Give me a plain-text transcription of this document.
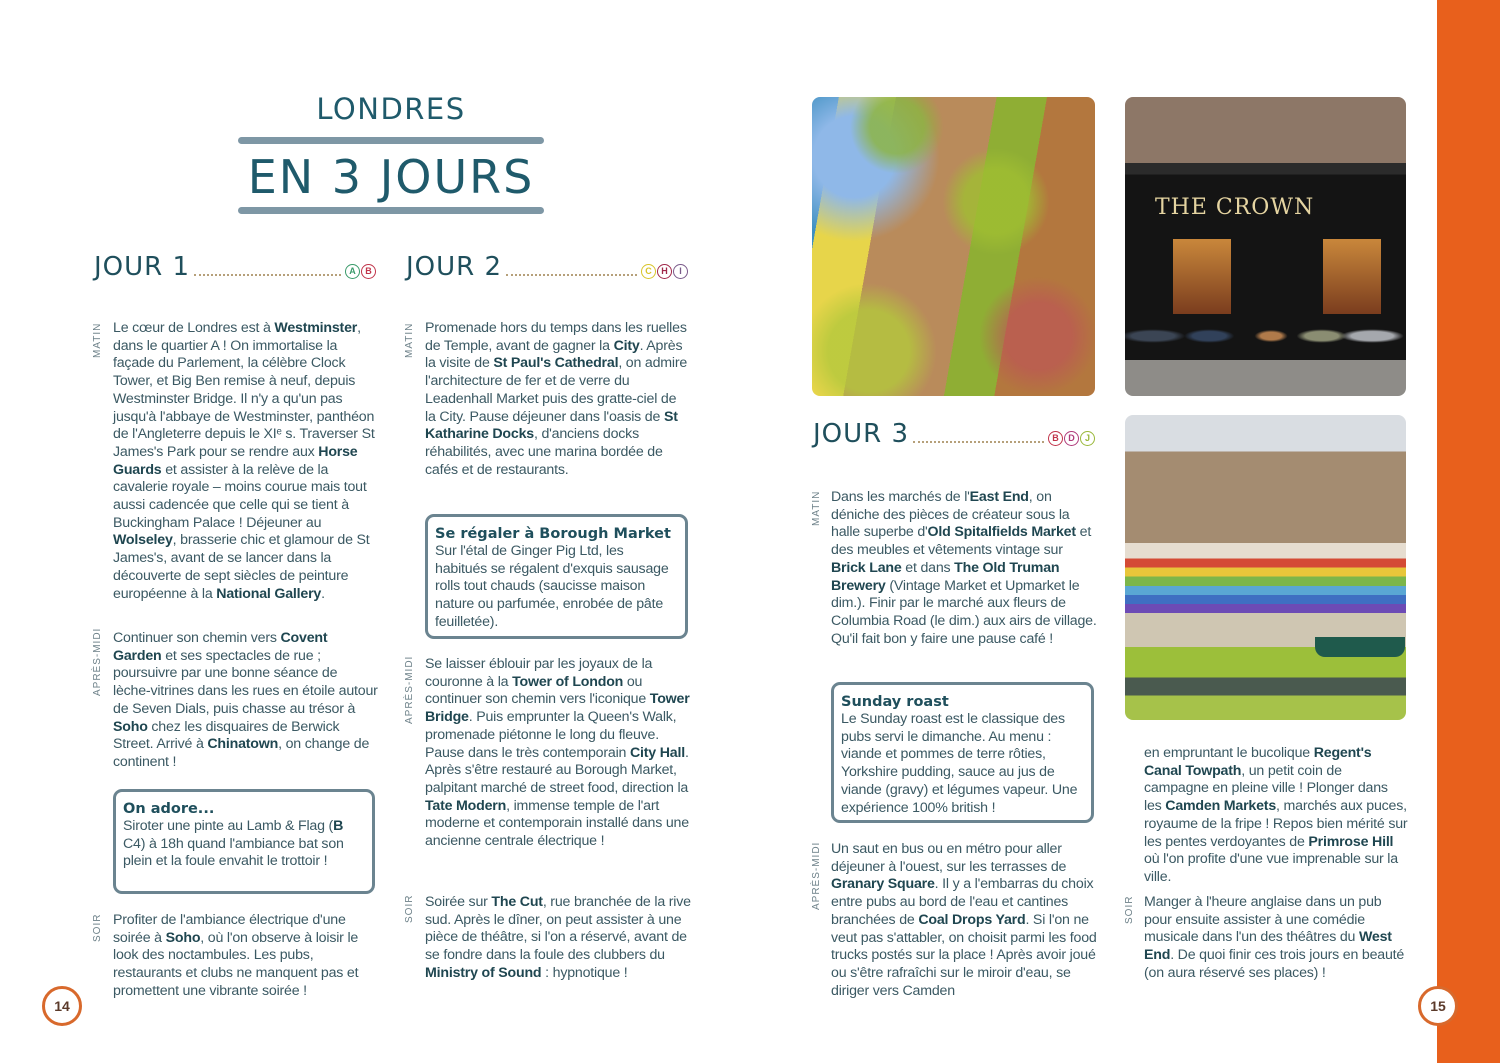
LONDRES
EN 3 JOURS
JOUR 1	A	B
MATIN Le cœur de Londres est à Westminster, dans le quartier A ! On immortalise la façade du Parlement, la célèbre Clock Tower, et Big Ben remise à neuf, depuis Westminster Bridge. Il n'y a qu'un pas jusqu'à l'abbaye de Westminster, panthéon de l'Angleterre depuis le XIᵉ s. Traverser St James's Park pour se rendre aux Horse Guards et assister à la relève de la cavalerie royale – moins courue mais tout aussi cadencée que celle qui se tient à Buckingham Palace ! Déjeuner au Wolseley, brasserie chic et glamour de St James's, avant de se lancer dans la découverte de sept siècles de peinture européenne à la National Gallery.
APRÈS-MIDI Continuer son chemin vers Covent Garden et ses spectacles de rue ; poursuivre par une bonne séance de lèche-vitrines dans les rues en étoile autour de Seven Dials, puis chasse au trésor à Soho chez les disquaires de Berwick Street. Arrivé à Chinatown, on change de continent !
On adore...
Siroter une pinte au Lamb & Flag (B C4) à 18h quand l'ambiance bat son plein et la foule envahit le trottoir !
SOIR Profiter de l'ambiance électrique d'une soirée à Soho, où l'on observe à loisir le look des noctambules. Les pubs, restaurants et clubs ne manquent pas et promettent une vibrante soirée !
JOUR 2	C	H	I
MATIN Promenade hors du temps dans les ruelles de Temple, avant de gagner la City. Après la visite de St Paul's Cathedral, on admire l'architecture de fer et de verre du Leadenhall Market puis des gratte-ciel de la City. Pause déjeuner dans l'oasis de St Katharine Docks, d'anciens docks réhabilités, avec une marina bordée de cafés et de restaurants.
Se régaler à Borough Market
Sur l'étal de Ginger Pig Ltd, les habitués se régalent d'exquis sausage rolls tout chauds (saucisse maison nature ou parfumée, enrobée de pâte feuilletée).
APRÈS-MIDI Se laisser éblouir par les joyaux de la couronne à la Tower of London ou continuer son chemin vers l'iconique Tower Bridge. Puis emprunter la Queen's Walk, promenade piétonne le long du fleuve. Pause dans le très contemporain City Hall. Après s'être restauré au Borough Market, palpitant marché de street food, direction la Tate Modern, immense temple de l'art moderne et contemporain installé dans une ancienne centrale électrique !
SOIR Soirée sur The Cut, rue branchée de la rive sud. Après le dîner, on peut assister à une pièce de théâtre, si l'on a réservé, avant de se fondre dans la foule des clubbers du Ministry of Sound : hypnotique !
THE CROWN
JOUR 3	B	D	J
MATIN Dans les marchés de l'East End, on déniche des pièces de créateur sous la halle superbe d'Old Spitalfields Market et des meubles et vêtements vintage sur Brick Lane et dans The Old Truman Brewery (Vintage Market et Upmarket le dim.). Finir par le marché aux fleurs de Columbia Road (le dim.) aux airs de village. Qu'il fait bon y faire une pause café !
Sunday roast
Le Sunday roast est le classique des pubs servi le dimanche. Au menu : viande et pommes de terre rôties, Yorkshire pudding, sauce au jus de viande (gravy) et légumes vapeur. Une expérience 100% british !
APRÈS-MIDI Un saut en bus ou en métro pour aller déjeuner à l'ouest, sur les terrasses de Granary Square. Il y a l'embarras du choix entre pubs au bord de l'eau et cantines branchées de Coal Drops Yard. Si l'on ne veut pas s'attabler, on choisit parmi les food trucks postés sur la place ! Après avoir joué ou s'être rafraîchi sur le miroir d'eau, se diriger vers Camden
en empruntant le bucolique Regent's Canal Towpath, un petit coin de campagne en pleine ville ! Plonger dans les Camden Markets, marchés aux puces, royaume de la fripe ! Repos bien mérité sur les pentes verdoyantes de Primrose Hill où l'on profite d'une vue imprenable sur la ville.
SOIR Manger à l'heure anglaise dans un pub pour ensuite assister à une comédie musicale dans l'un des théâtres du West End. De quoi finir ces trois jours en beauté (on aura réservé ses places) !
14	15
